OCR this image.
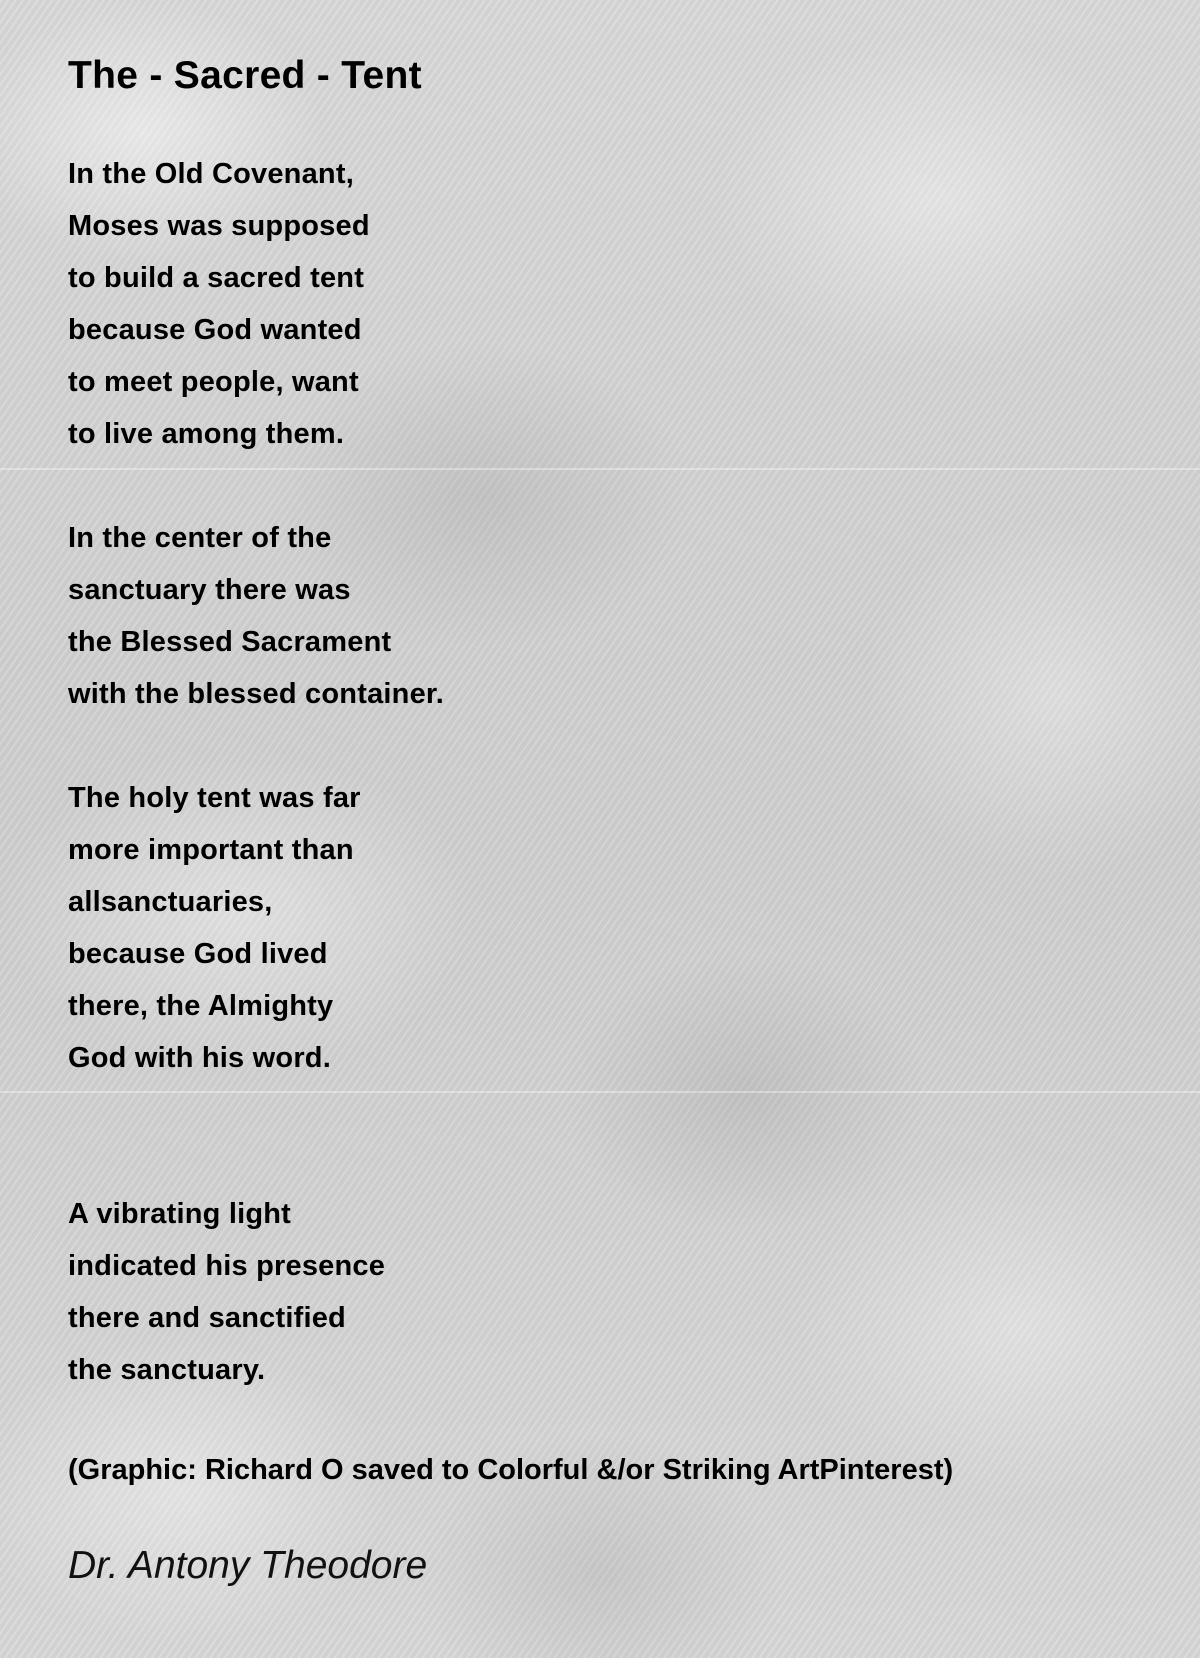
The - Sacred - Tent
In the Old Covenant,
Moses was supposed
to build a sacred tent
because God wanted
to meet people, want
to live among them.
In the center of the
sanctuary there was
the Blessed Sacrament
with the blessed container.
The holy tent was far
more important than
allsanctuaries,
because God lived
there, the Almighty
God with his word.
A vibrating light
indicated his presence
there and sanctified
the sanctuary.
(Graphic: Richard O saved to Colorful &/or Striking ArtPinterest)
Dr. Antony Theodore
